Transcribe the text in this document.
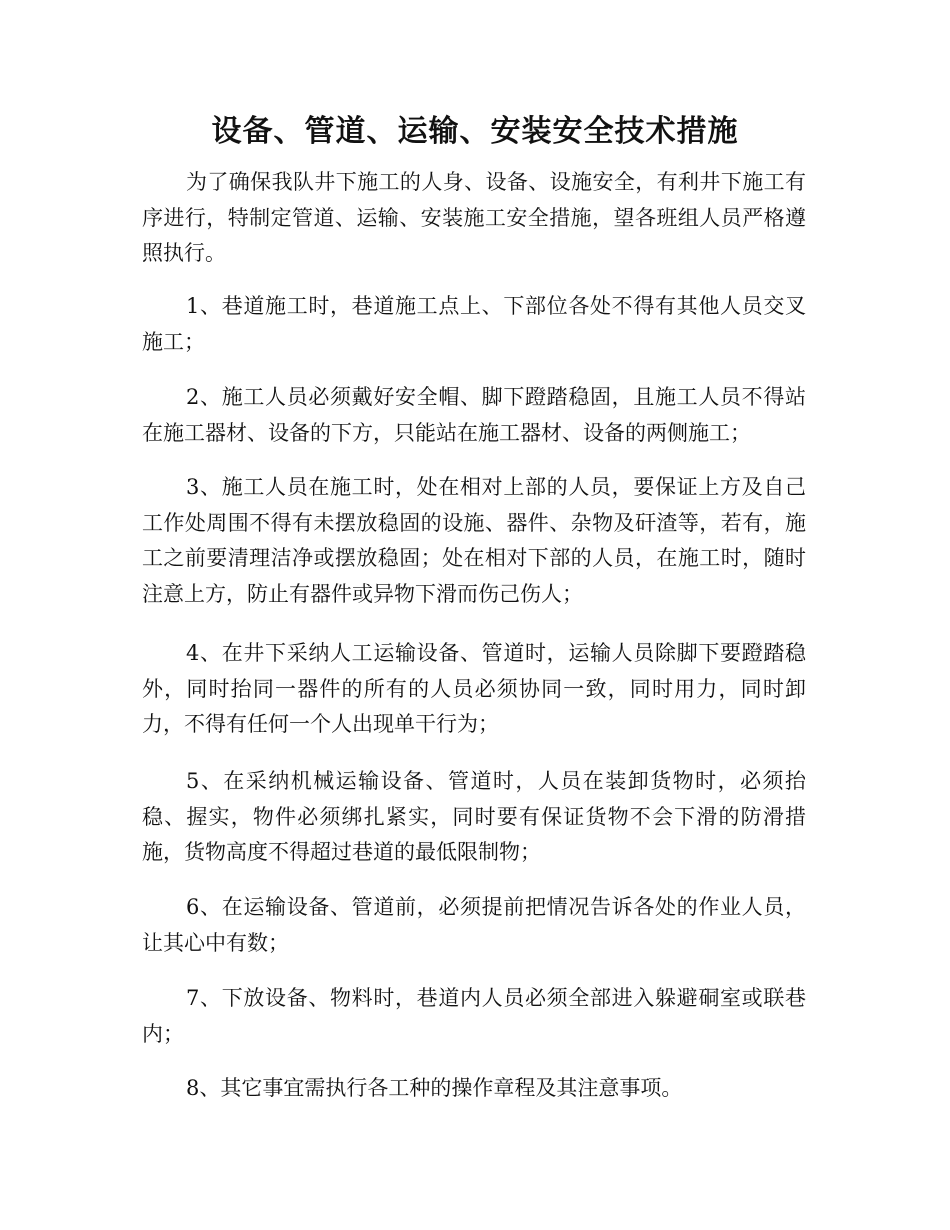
设备、管道、运输、安装安全技术措施

为了确保我队井下施工的人身、设备、设施安全，有利井下施工有序进行，特制定管道、运输、安装施工安全措施，望各班组人员严格遵照执行。

1、巷道施工时，巷道施工点上、下部位各处不得有其他人员交叉施工；

2、施工人员必须戴好安全帽、脚下蹬踏稳固，且施工人员不得站在施工器材、设备的下方，只能站在施工器材、设备的两侧施工；

3、施工人员在施工时，处在相对上部的人员，要保证上方及自己工作处周围不得有未摆放稳固的设施、器件、杂物及矸渣等，若有，施工之前要清理洁净或摆放稳固；处在相对下部的人员，在施工时，随时注意上方，防止有器件或异物下滑而伤己伤人；

4、在井下采纳人工运输设备、管道时，运输人员除脚下要蹬踏稳外，同时抬同一器件的所有的人员必须协同一致，同时用力，同时卸力，不得有任何一个人出现单干行为；

5、在采纳机械运输设备、管道时，人员在装卸货物时，必须抬稳、握实，物件必须绑扎紧实，同时要有保证货物不会下滑的防滑措施，货物高度不得超过巷道的最低限制物；

6、在运输设备、管道前，必须提前把情况告诉各处的作业人员，让其心中有数；

7、下放设备、物料时，巷道内人员必须全部进入躲避硐室或联巷内；

8、其它事宜需执行各工种的操作章程及其注意事项。
